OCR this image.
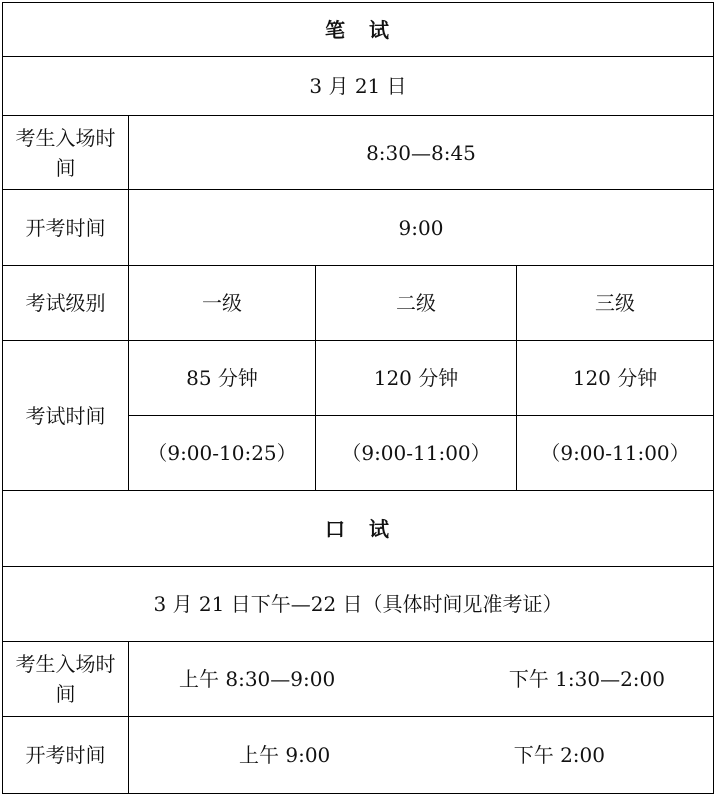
笔　试			
3 月 21 日			
考生入场时间	8:30—8:45		
开考时间	9:00		
考试级别	一级	二级	三级
考试时间	85 分钟	120 分钟	120 分钟
	（9:00-10:25）	（9:00-11:00）	（9:00-11:00）
口　试			
3 月 21 日下午—22 日（具体时间见准考证）			
考生入场时间	上午 8:30—9:00 下午 1:30—2:00		

开考时间	上午 9:00 下午 2:00		
